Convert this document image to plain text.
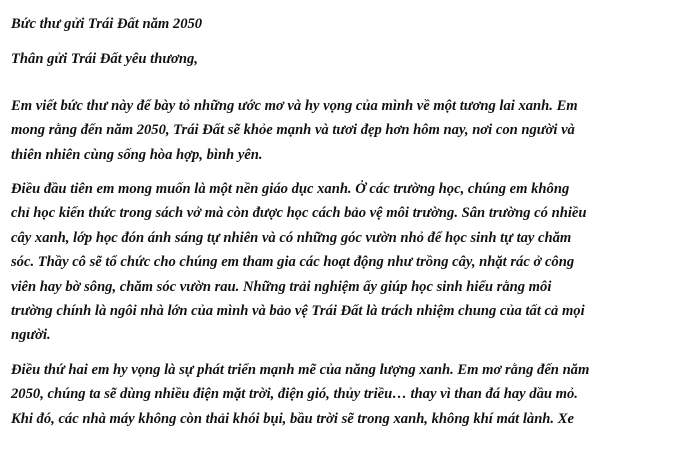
Bức thư gửi Trái Đất năm 2050

Thân gửi Trái Đất yêu thương,

Em viết bức thư này để bày tỏ những ước mơ và hy vọng của mình về một tương lai xanh. Em
mong rằng đến năm 2050, Trái Đất sẽ khỏe mạnh và tươi đẹp hơn hôm nay, nơi con người và
thiên nhiên cùng sống hòa hợp, bình yên.

Điều đầu tiên em mong muốn là một nền giáo dục xanh. Ở các trường học, chúng em không
chỉ học kiến thức trong sách vở mà còn được học cách bảo vệ môi trường. Sân trường có nhiều
cây xanh, lớp học đón ánh sáng tự nhiên và có những góc vườn nhỏ để học sinh tự tay chăm
sóc. Thầy cô sẽ tổ chức cho chúng em tham gia các hoạt động như trồng cây, nhặt rác ở công
viên hay bờ sông, chăm sóc vườn rau. Những trải nghiệm ấy giúp học sinh hiểu rằng môi
trường chính là ngôi nhà lớn của mình và bảo vệ Trái Đất là trách nhiệm chung của tất cả mọi
người.

Điều thứ hai em hy vọng là sự phát triển mạnh mẽ của năng lượng xanh. Em mơ rằng đến năm
2050, chúng ta sẽ dùng nhiều điện mặt trời, điện gió, thủy triều… thay vì than đá hay dầu mỏ.
Khi đó, các nhà máy không còn thải khói bụi, bầu trời sẽ trong xanh, không khí mát lành. Xe
